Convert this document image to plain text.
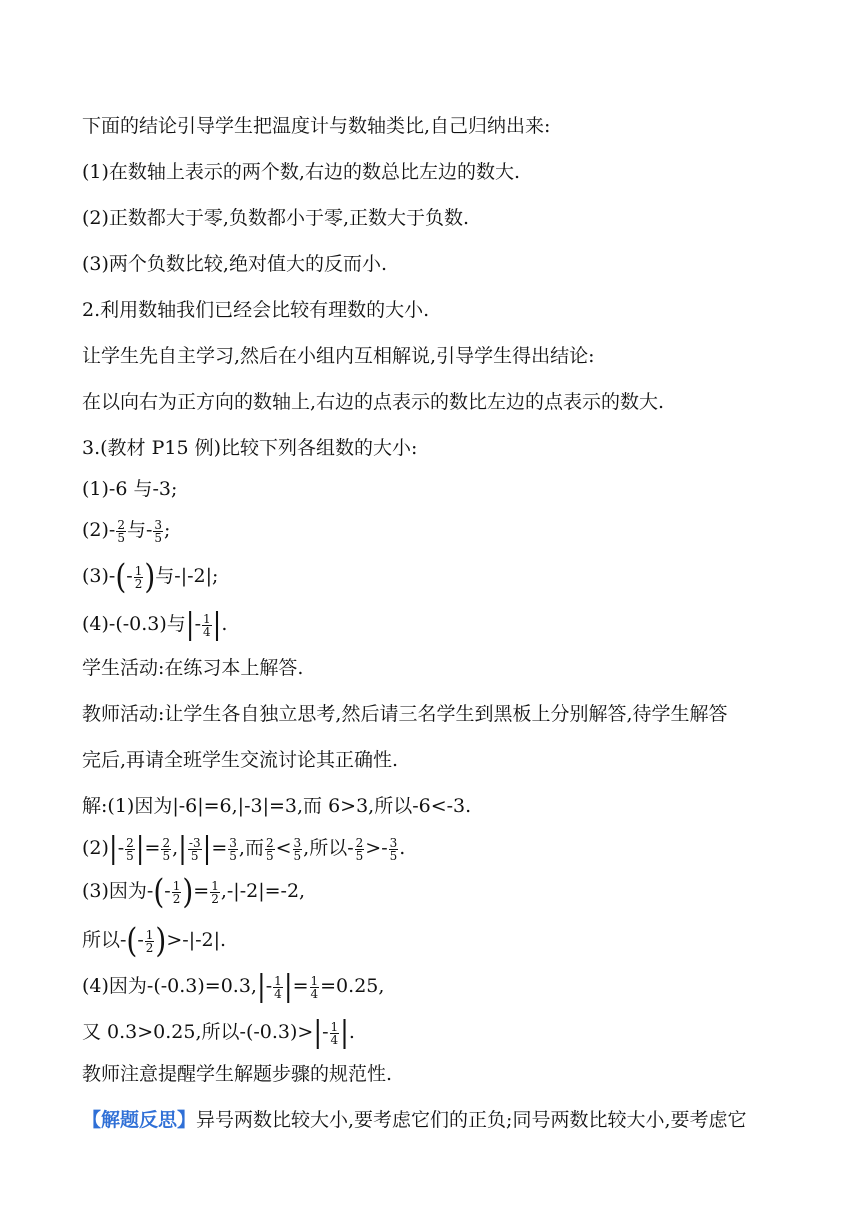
下面的结论引导学生把温度计与数轴类比,自己归纳出来:
(1)在数轴上表示的两个数,右边的数总比左边的数大.
(2)正数都大于零,负数都小于零,正数大于负数.
(3)两个负数比较,绝对值大的反而小.
2.利用数轴我们已经会比较有理数的大小.
让学生先自主学习,然后在小组内互相解说,引导学生得出结论:
在以向右为正方向的数轴上,右边的点表示的数比左边的点表示的数大.
3.(教材 P15 例)比较下列各组数的大小:
(1)-6 与-3;
$(2)- \frac{2}{5}$ 与- $\frac{3}{5}$ ;
$(3)-(- \frac{1}{2}$ )与-|-2|;
(4)-(-0.3)与|- $\frac{1}{4}$ |.
学生活动:在练习本上解答.
教师活动:让学生各自独立思考,然后请三名学生到黑板上分别解答,待学生解答
完后,再请全班学生交流讨论其正确性.
解:(1)因为|-6|=6,|-3|=3,而 6>3,所以-6<-3.
$(2)|- \frac{2}{5}$ |= $\frac{2}{5}$ ,| $\frac{-3}{5}$ |= $\frac{3}{5}$ ,而 $\frac{2}{5} < \frac{3}{5}$ ,所以- $\frac{2}{5} >- \frac{3}{5}$ .
(3)因为-(- $\frac{1}{2}$ )= $\frac{1}{2} ,-|-2|=-2$,
所以-(- $\frac{1}{2} )>-|-2|$.
(4)因为$-(-0.3)=0.3,|- \frac{1}{4}$ |= $\frac{1}{4} =0.25$,
又 0.3>0.25,所以$-(-0.3)>|- \frac{1}{4}$ |.
教师注意提醒学生解题步骤的规范性.
【解题反思】异号两数比较大小,要考虑它们的正负;同号两数比较大小,要考虑它
